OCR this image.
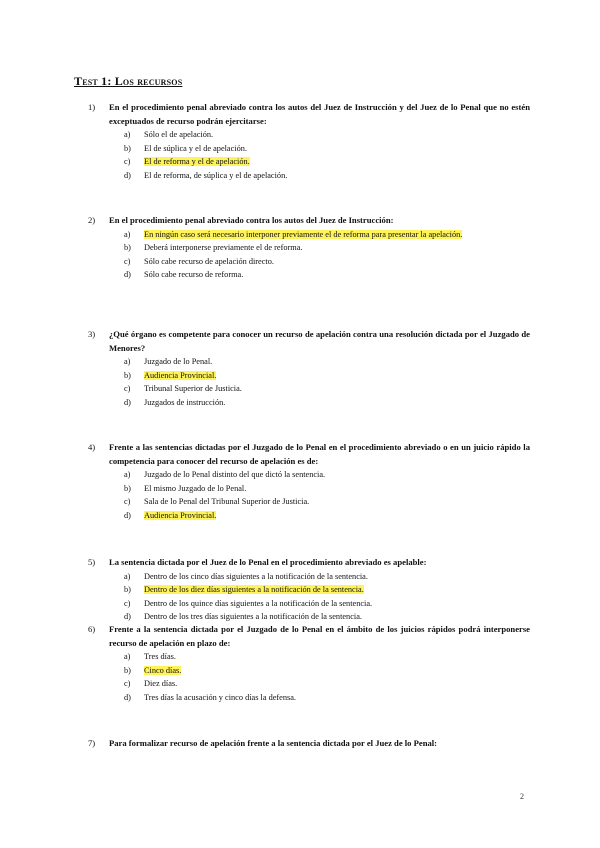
Test 1: Los recursos
1)	En el procedimiento penal abreviado contra los autos del Juez de Instrucción y del Juez de lo Penal que no estén exceptuados de recurso podrán ejercitarse:
a) Sólo el de apelación.
b) El de súplica y el de apelación.
c) El de reforma y el de apelación.
d) El de reforma, de súplica y el de apelación.
2)	En el procedimiento penal abreviado contra los autos del Juez de Instrucción:
a) En ningún caso será necesario interponer previamente el de reforma para presentar la apelación.
b) Deberá interponerse previamente el de reforma.
c) Sólo cabe recurso de apelación directo.
d) Sólo cabe recurso de reforma.
3)	¿Qué órgano es competente para conocer un recurso de apelación contra una resolución dictada por el Juzgado de Menores?
a) Juzgado de lo Penal.
b) Audiencia Provincial.
c) Tribunal Superior de Justicia.
d) Juzgados de instrucción.
4)	Frente a las sentencias dictadas por el Juzgado de lo Penal en el procedimiento abreviado o en un juicio rápido la competencia para conocer del recurso de apelación es de:
a) Juzgado de lo Penal distinto del que dictó la sentencia.
b) El mismo Juzgado de lo Penal.
c) Sala de lo Penal del Tribunal Superior de Justicia.
d) Audiencia Provincial.
5)	La sentencia dictada por el Juez de lo Penal en el procedimiento abreviado es apelable:
a) Dentro de los cinco días siguientes a la notificación de la sentencia.
b) Dentro de los diez días siguientes a la notificación de la sentencia.
c) Dentro de los quince días siguientes a la notificación de la sentencia.
d) Dentro de los tres días siguientes a la notificación de la sentencia.
6)	Frente a la sentencia dictada por el Juzgado de lo Penal en el ámbito de los juicios rápidos podrá interponerse recurso de apelación en plazo de:
a) Tres días.
b) Cinco días.
c) Diez días.
d) Tres días la acusación y cinco días la defensa.
7)	Para formalizar recurso de apelación frente a la sentencia dictada por el Juez de lo Penal:
2
